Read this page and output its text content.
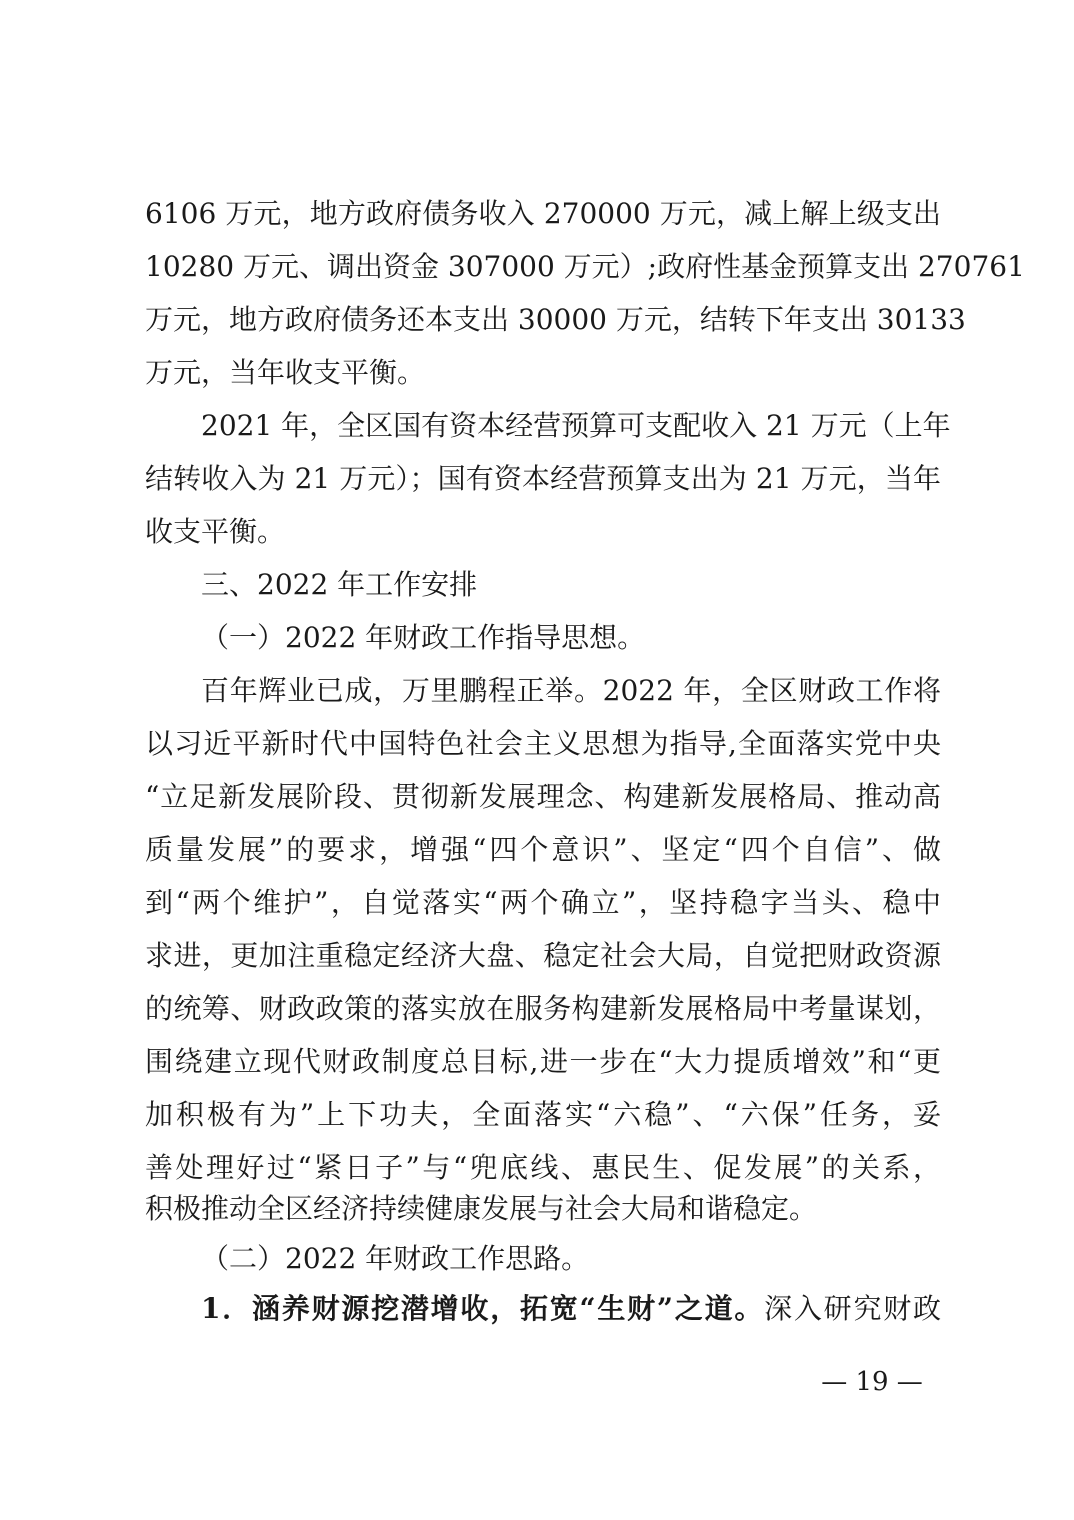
6106 万元，地方政府债务收入 270000 万元，减上解上级支出
10280 万元、调出资金 307000 万元）;政府性基金预算支出 270761
万元，地方政府债务还本支出 30000 万元，结转下年支出 30133
万元，当年收支平衡。
2021 年，全区国有资本经营预算可支配收入 21 万元（上年
结转收入为 21 万元）；国有资本经营预算支出为 21 万元，当年
收支平衡。
三、2022 年工作安排
（一）2022 年财政工作指导思想。
百年辉业已成，万里鹏程正举。2022 年，全区财政工作将
以习近平新时代中国特色社会主义思想为指导,全面落实党中央
“立足新发展阶段、贯彻新发展理念、构建新发展格局、推动高
质量发展”的要求，增强“四个意识”、坚定“四个自信”、做
到“两个维护”，自觉落实“两个确立”，坚持稳字当头、稳中
求进，更加注重稳定经济大盘、稳定社会大局，自觉把财政资源
的统筹、财政政策的落实放在服务构建新发展格局中考量谋划，
围绕建立现代财政制度总目标,进一步在“大力提质增效”和“更
加积极有为”上下功夫，全面落实“六稳”、“六保”任务，妥
善处理好过“紧日子”与“兜底线、惠民生、促发展”的关系，
积极推动全区经济持续健康发展与社会大局和谐稳定。
（二）2022 年财政工作思路。
1．涵养财源挖潜增收，拓宽“生财”之道。深入研究财政
— 19 —
